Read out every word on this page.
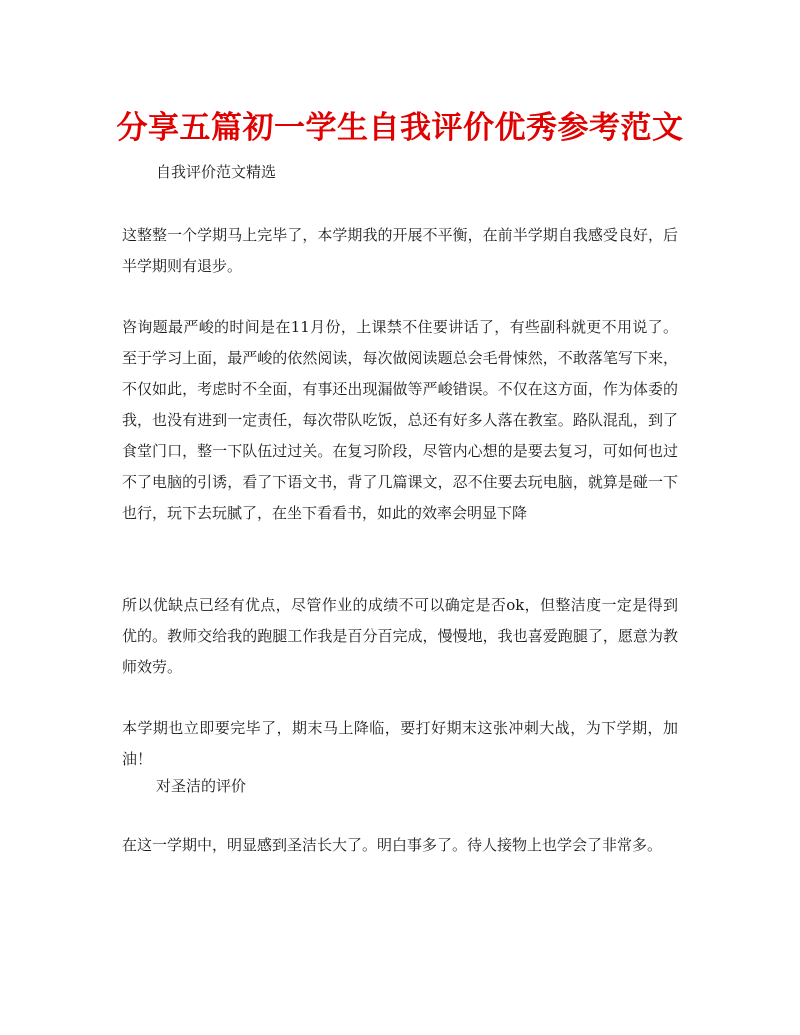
分享五篇初一学生自我评价优秀参考范文

自我评价范文精选

这整整一个学期马上完毕了，本学期我的开展不平衡，在前半学期自我感受良好，后半学期则有退步。

咨询题最严峻的时间是在11月份，上课禁不住要讲话了，有些副科就更不用说了。至于学习上面，最严峻的依然阅读，每次做阅读题总会毛骨悚然，不敢落笔写下来，不仅如此，考虑时不全面，有事还出现漏做等严峻错误。不仅在这方面，作为体委的我，也没有进到一定责任，每次带队吃饭，总还有好多人落在教室。路队混乱，到了食堂门口，整一下队伍过过关。在复习阶段，尽管内心想的是要去复习，可如何也过不了电脑的引诱，看了下语文书，背了几篇课文，忍不住要去玩电脑，就算是碰一下也行，玩下去玩腻了，在坐下看看书，如此的效率会明显下降

所以优缺点已经有优点，尽管作业的成绩不可以确定是否ok，但整洁度一定是得到优的。教师交给我的跑腿工作我是百分百完成，慢慢地，我也喜爱跑腿了，愿意为教师效劳。

本学期也立即要完毕了，期末马上降临，要打好期末这张冲刺大战，为下学期，加油！

对圣洁的评价

在这一学期中，明显感到圣洁长大了。明白事多了。待人接物上也学会了非常多。
